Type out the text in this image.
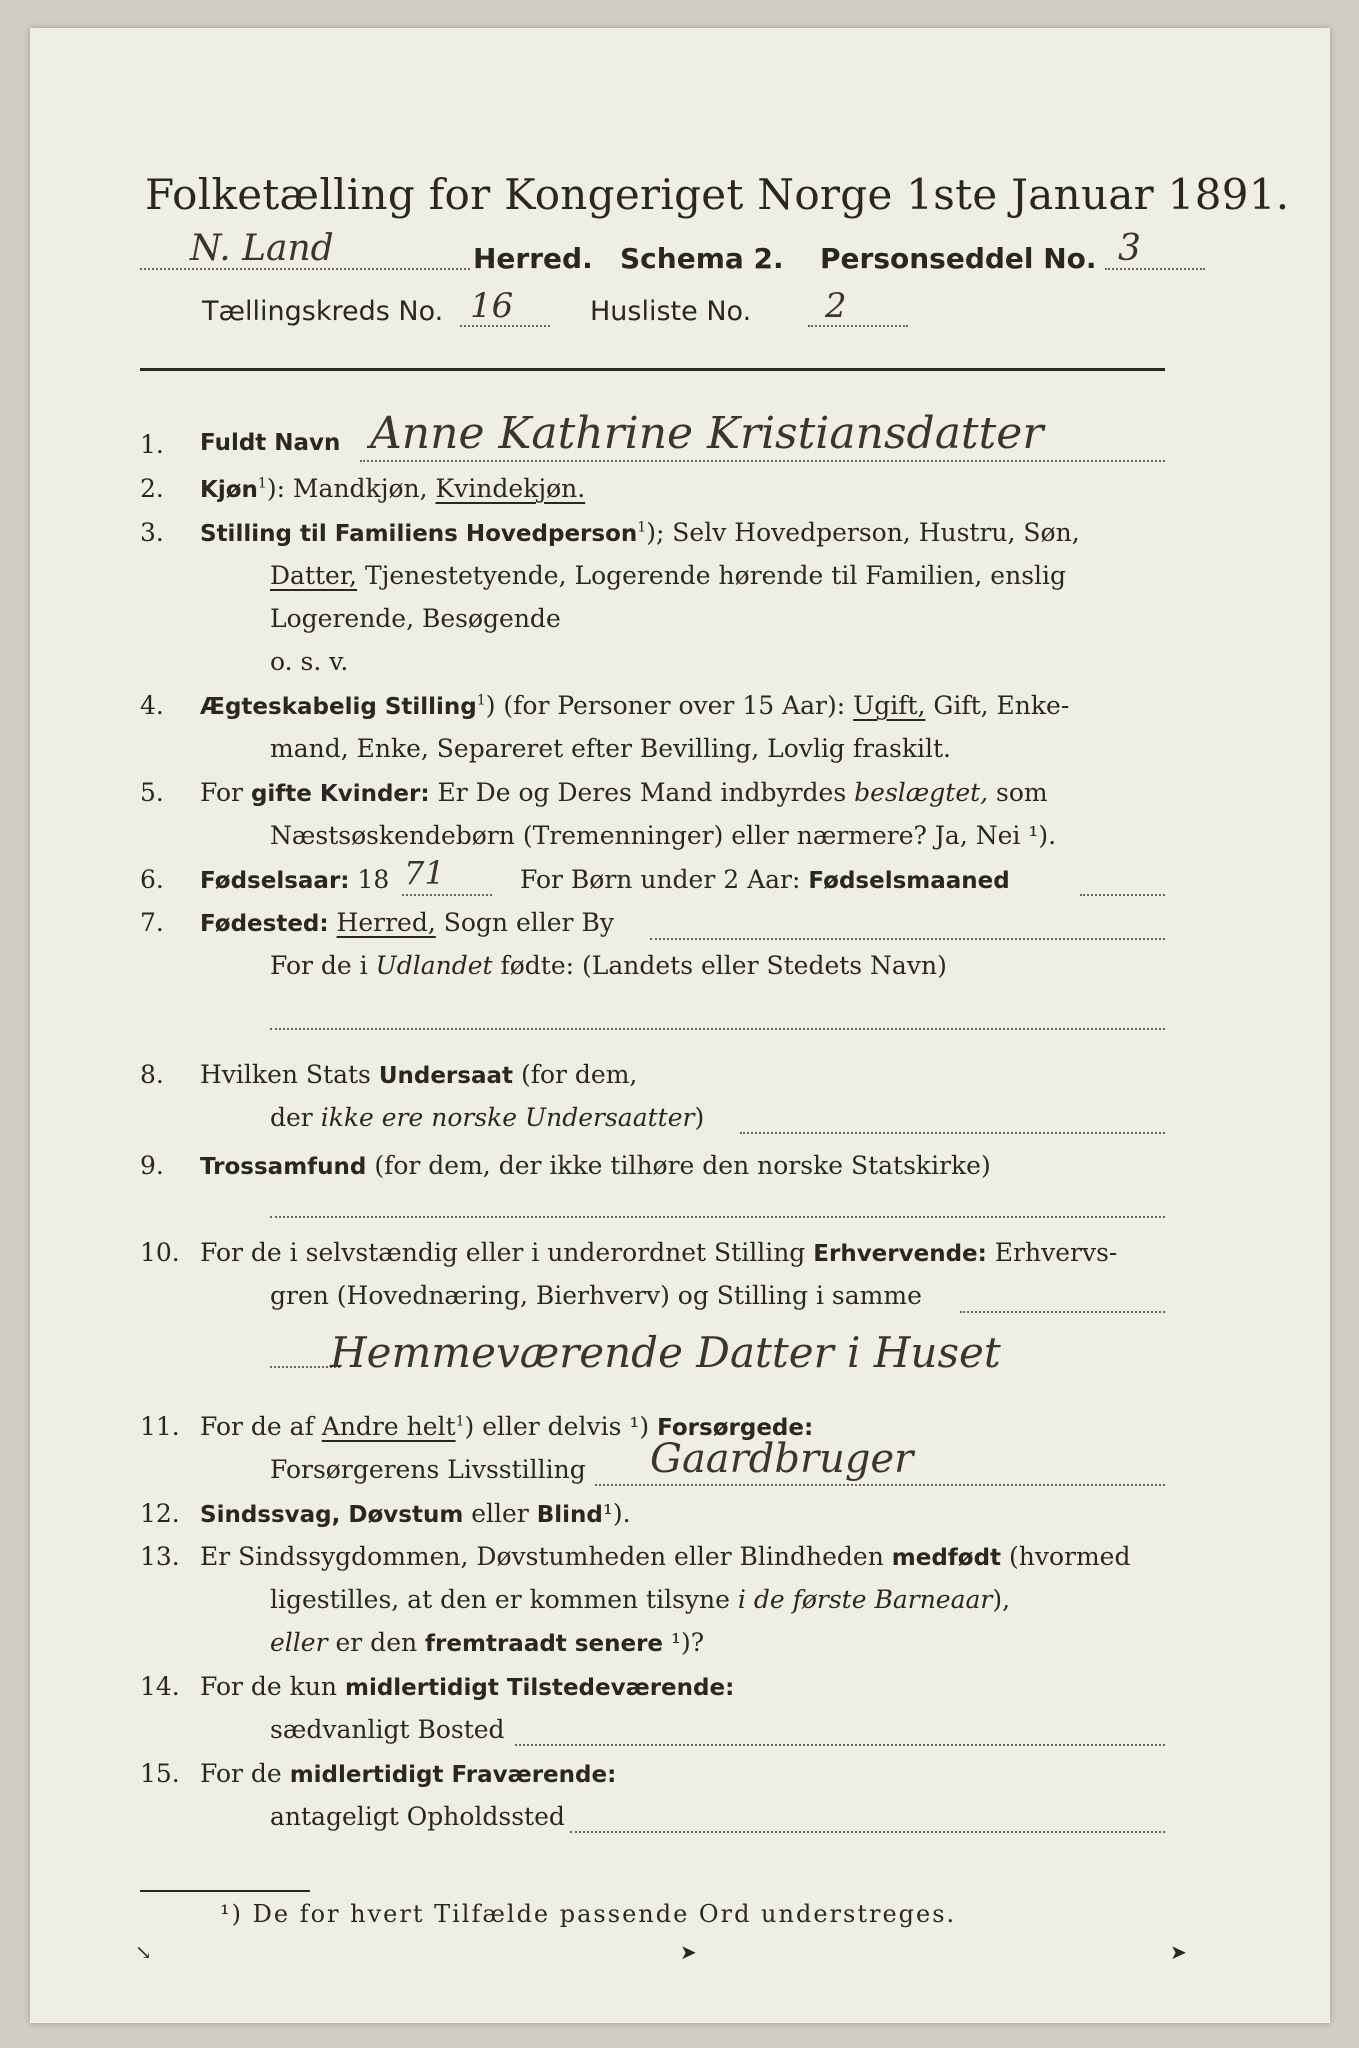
Folketælling for Kongeriget Norge 1ste Januar 1891.
N. Land	Herred. Schema 2. Personseddel No. 3
Tællingskreds No. 16	Husliste No. 2
1. Fuldt Navn Anne Kathrine Kristiansdatter
2. Kjøn$^1$): Mandkjøn, Kvindekjøn.
3. Stilling til Familiens Hovedperson$^1$); Selv Hovedperson, Hustru, Søn,
Datter, Tjenestetyende, Logerende hørende til Familien, enslig
Logerende, Besøgende
o. s. v.
4. Ægteskabelig Stilling$^1$) (for Personer over 15 Aar): Ugift, Gift, Enke-
mand, Enke, Separeret efter Bevilling, Lovlig fraskilt.
5. For gifte Kvinder: Er De og Deres Mand indbyrdes beslægtet, som
Næstsøskendebørn (Tremenninger) eller nærmere? Ja, Nei ¹).
6. Fødselsaar: 18 71	For Børn under 2 Aar: Fødselsmaaned
7. Fødested: Herred, Sogn eller By
For de i Udlandet fødte: (Landets eller Stedets Navn)
8. Hvilken Stats Undersaat (for dem,
der ikke ere norske Undersaatter)
9. Trossamfund (for dem, der ikke tilhøre den norske Statskirke)
10. For de i selvstændig eller i underordnet Stilling Erhvervende: Erhvervs-
gren (Hovednæring, Bierhverv) og Stilling i samme
Hemmeværende Datter i Huset
11. For de af Andre helt$^1$) eller delvis ¹) Forsørgede:
Forsørgerens Livsstilling Gaardbruger
12. Sindssvag, Døvstum eller Blind¹).
13. Er Sindssygdommen, Døvstumheden eller Blindheden medfødt (hvormed
ligestilles, at den er kommen tilsyne i de første Barneaar),
eller er den fremtraadt senere ¹)?
14. For de kun midlertidigt Tilstedeværende:
sædvanligt Bosted
15. For de midlertidigt Fraværende:
antageligt Opholdssted
¹) De for hvert Tilfælde passende Ord understreges.
↘	➤	➤
